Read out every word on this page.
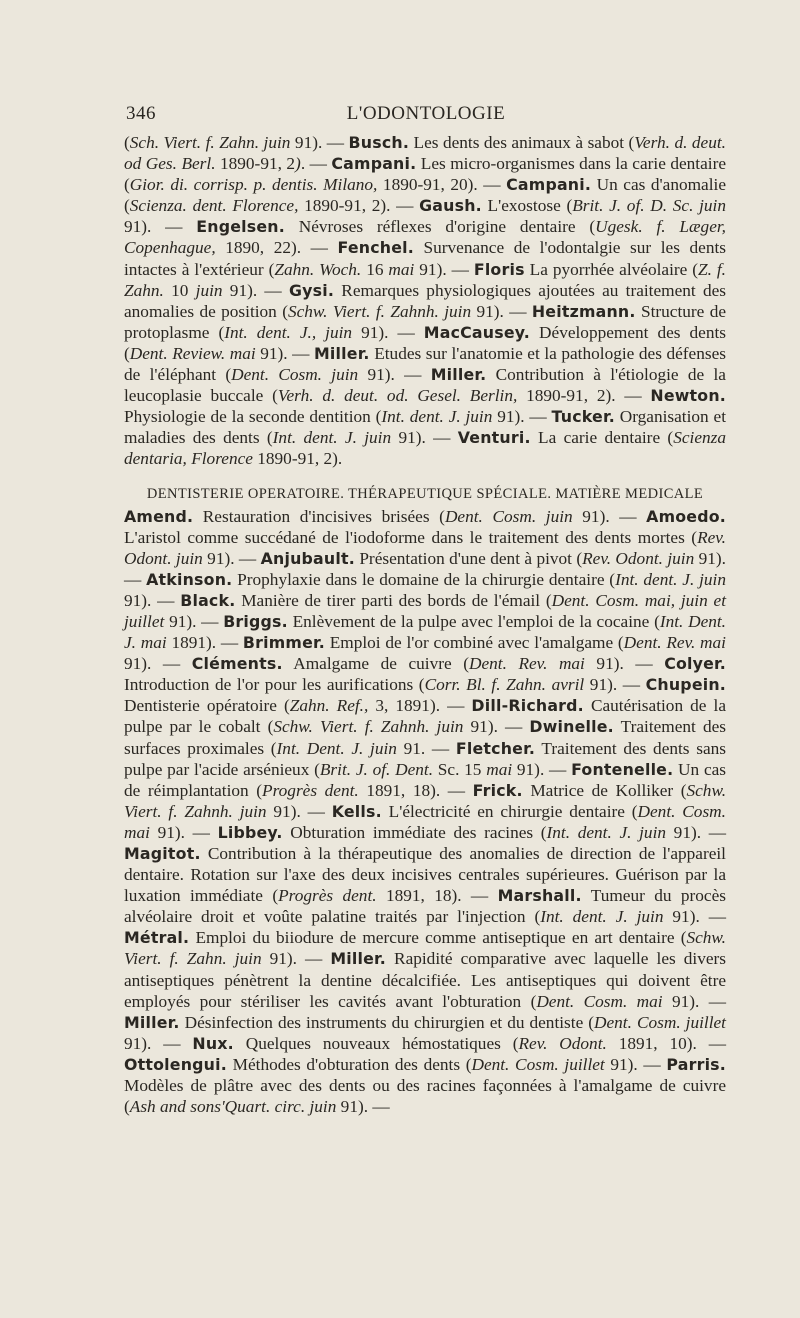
346	L'ODONTOLOGIE

(Sch. Viert. f. Zahn. juin 91). — Busch. Les dents des animaux à sabot (Verh. d. deut. od Ges. Berl. 1890-91, 2). — Campani. Les micro-organismes dans la carie dentaire (Gior. di. corrisp. p. dentis. Milano, 1890-91, 20). — Campani. Un cas d'anomalie (Scienza. dent. Florence, 1890-91, 2). — Gaush. L'exostose (Brit. J. of. D. Sc. juin 91). — Engelsen. Névroses réflexes d'origine dentaire (Ugesk. f. Læger, Copenhague, 1890, 22). — Fenchel. Survenance de l'odontalgie sur les dents intactes à l'extérieur (Zahn. Woch. 16 mai 91). — Floris La pyorrhée alvéolaire (Z. f. Zahn. 10 juin 91). — Gysi. Remarques physiologiques ajoutées au traitement des anomalies de position (Schw. Viert. f. Zahnh. juin 91). — Heitzmann. Structure de protoplasme (Int. dent. J., juin 91). — MacCausey. Développement des dents (Dent. Review. mai 91). — Miller. Etudes sur l'anatomie et la pathologie des défenses de l'éléphant (Dent. Cosm. juin 91). — Miller. Contribution à l'étiologie de la leucoplasie buccale (Verh. d. deut. od. Gesel. Berlin, 1890-91, 2). — Newton. Physiologie de la seconde dentition (Int. dent. J. juin 91). — Tucker. Organisation et maladies des dents (Int. dent. J. juin 91). — Venturi. La carie dentaire (Scienza dentaria, Florence 1890-91, 2).

DENTISTERIE OPERATOIRE. THÉRAPEUTIQUE SPÉCIALE. MATIÈRE MEDICALE

Amend. Restauration d'incisives brisées (Dent. Cosm. juin 91). — Amoedo. L'aristol comme succédané de l'iodoforme dans le traitement des dents mortes (Rev. Odont. juin 91). — Anjubault. Présentation d'une dent à pivot (Rev. Odont. juin 91). — Atkinson. Prophylaxie dans le domaine de la chirurgie dentaire (Int. dent. J. juin 91). — Black. Manière de tirer parti des bords de l'émail (Dent. Cosm. mai, juin et juillet 91). — Briggs. Enlèvement de la pulpe avec l'emploi de la cocaine (Int. Dent. J. mai 1891). — Brimmer. Emploi de l'or combiné avec l'amalgame (Dent. Rev. mai 91). — Cléments. Amalgame de cuivre (Dent. Rev. mai 91). — Colyer. Introduction de l'or pour les aurifications (Corr. Bl. f. Zahn. avril 91). — Chupein. Dentisterie opératoire (Zahn. Ref., 3, 1891). — Dill-Richard. Cautérisation de la pulpe par le cobalt (Schw. Viert. f. Zahnh. juin 91). — Dwinelle. Traitement des surfaces proximales (Int. Dent. J. juin 91. — Fletcher. Traitement des dents sans pulpe par l'acide arsénieux (Brit. J. of. Dent. Sc. 15 mai 91). — Fontenelle. Un cas de réimplantation (Progrès dent. 1891, 18). — Frick. Matrice de Kolliker (Schw. Viert. f. Zahnh. juin 91). — Kells. L'électricité en chirurgie dentaire (Dent. Cosm. mai 91). — Libbey. Obturation immédiate des racines (Int. dent. J. juin 91). — Magitot. Contribution à la thérapeutique des anomalies de direction de l'appareil dentaire. Rotation sur l'axe des deux incisives centrales supérieures. Guérison par la luxation immédiate (Progrès dent. 1891, 18). — Marshall. Tumeur du procès alvéolaire droit et voûte palatine traités par l'injection (Int. dent. J. juin 91). — Métral. Emploi du biiodure de mercure comme antiseptique en art dentaire (Schw. Viert. f. Zahn. juin 91). — Miller. Rapidité comparative avec laquelle les divers antiseptiques pénètrent la dentine décalcifiée. Les antiseptiques qui doivent être employés pour stériliser les cavités avant l'obturation (Dent. Cosm. mai 91). — Miller. Désinfection des instruments du chirurgien et du dentiste (Dent. Cosm. juillet 91). — Nux. Quelques nouveaux hémostatiques (Rev. Odont. 1891, 10). — Ottolengui. Méthodes d'obturation des dents (Dent. Cosm. juillet 91). — Parris. Modèles de plâtre avec des dents ou des racines façonnées à l'amalgame de cuivre (Ash and sons'Quart. circ. juin 91). —
